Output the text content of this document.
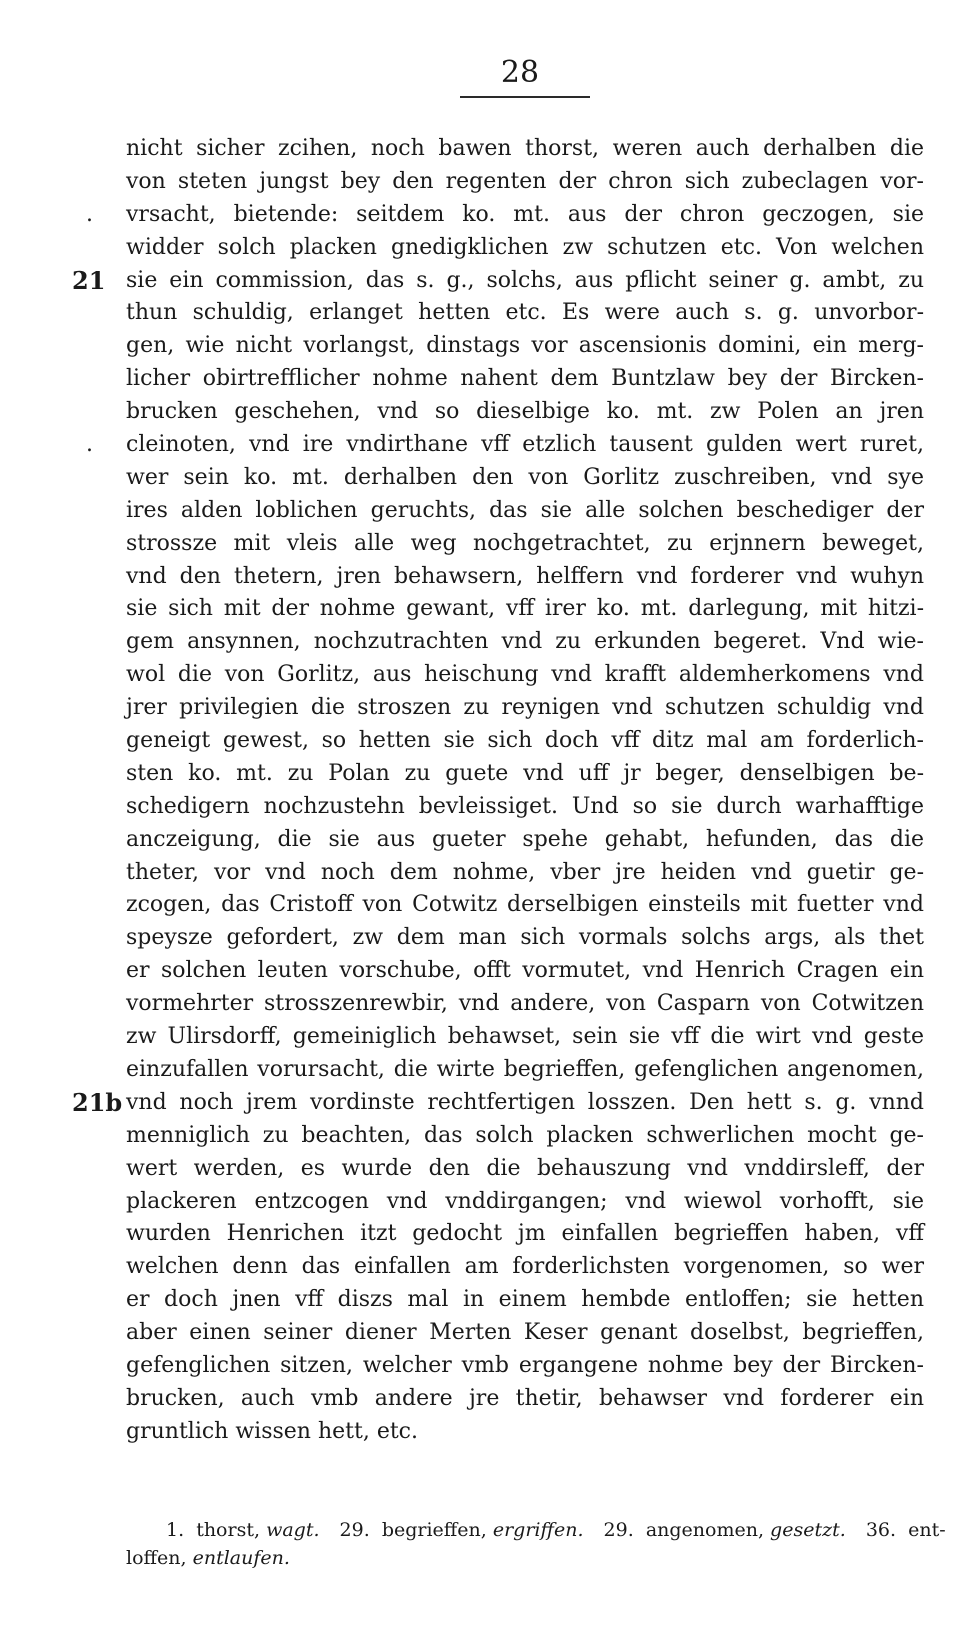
28
nicht sicher zcihen, noch bawen thorst, weren auch derhalben die
von steten jungst bey den regenten der chron sich zubeclagen vor-
. vrsacht, bietende: seitdem ko. mt. aus der chron geczogen, sie
widder solch placken gnedigklichen zw schutzen etc. Von welchen
21 sie ein commission, das s. g., solchs, aus pflicht seiner g. ambt, zu
thun schuldig, erlanget hetten etc. Es were auch s. g. unvorbor-
gen, wie nicht vorlangst, dinstags vor ascensionis domini, ein merg-
licher obirtrefflicher nohme nahent dem Buntzlaw bey der Bircken-
brucken geschehen, vnd so dieselbige ko. mt. zw Polen an jren
. cleinoten, vnd ire vndirthane vff etzlich tausent gulden wert ruret,
wer sein ko. mt. derhalben den von Gorlitz zuschreiben, vnd sye
ires alden loblichen geruchts, das sie alle solchen beschediger der
strossze mit vleis alle weg nochgetrachtet, zu erjnnern beweget,
vnd den thetern, jren behawsern, helffern vnd forderer vnd wuhyn
sie sich mit der nohme gewant, vff irer ko. mt. darlegung, mit hitzi-
gem ansynnen, nochzutrachten vnd zu erkunden begeret. Vnd wie-
wol die von Gorlitz, aus heischung vnd krafft aldemherkomens vnd
jrer privilegien die stroszen zu reynigen vnd schutzen schuldig vnd
geneigt gewest, so hetten sie sich doch vff ditz mal am forderlich-
sten ko. mt. zu Polan zu guete vnd uff jr beger, denselbigen be-
schedigern nochzustehn bevleissiget. Und so sie durch warhafftige
anczeigung, die sie aus gueter spehe gehabt, hefunden, das die
theter, vor vnd noch dem nohme, vber jre heiden vnd guetir ge-
zcogen, das Cristoff von Cotwitz derselbigen einsteils mit fuetter vnd
speysze gefordert, zw dem man sich vormals solchs args, als thet
er solchen leuten vorschube, offt vormutet, vnd Henrich Cragen ein
vormehrter strosszenrewbir, vnd andere, von Casparn von Cotwitzen
zw Ulirsdorff, gemeiniglich behawset, sein sie vff die wirt vnd geste
einzufallen vorursacht, die wirte begrieffen, gefenglichen angenomen,
21b vnd noch jrem vordinste rechtfertigen losszen. Den hett s. g. vnnd
menniglich zu beachten, das solch placken schwerlichen mocht ge-
wert werden, es wurde den die behauszung vnd vnddirsleff, der
plackeren entzcogen vnd vnddirgangen; vnd wiewol vorhofft, sie
wurden Henrichen itzt gedocht jm einfallen begrieffen haben, vff
welchen denn das einfallen am forderlichsten vorgenomen, so wer
er doch jnen vff diszs mal in einem hembde entloffen; sie hetten
aber einen seiner diener Merten Keser genant doselbst, begrieffen,
gefenglichen sitzen, welcher vmb ergangene nohme bey der Bircken-
brucken, auch vmb andere jre thetir, behawser vnd forderer ein
gruntlich wissen hett, etc.
1. thorst, wagt. 29. begrieffen, ergriffen. 29. angenomen, gesetzt. 36. ent-
loffen, entlaufen.
